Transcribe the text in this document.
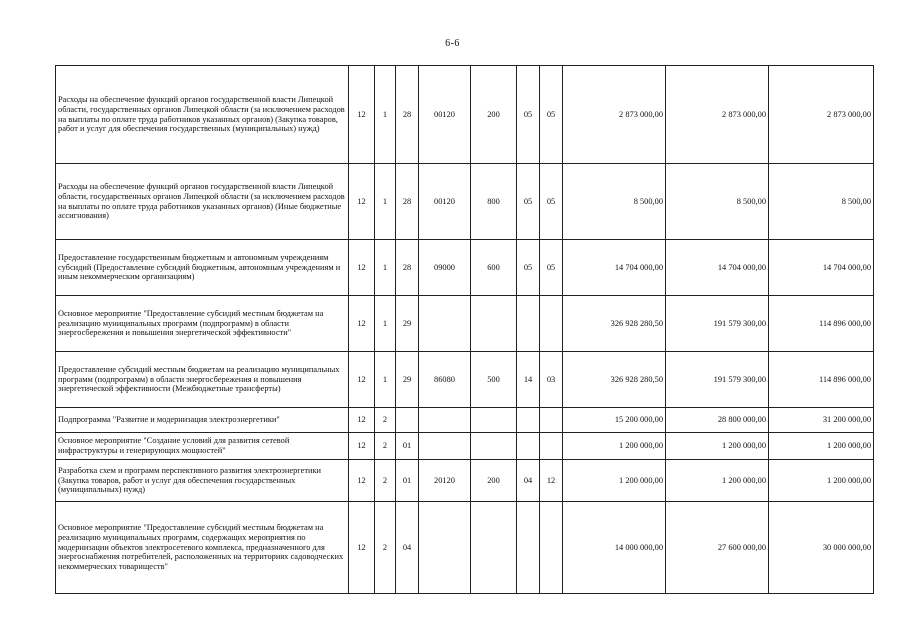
6-6
Расходы на обеспечение функций органов государственной власти Липецкой области, государственных органов Липецкой области (за исключением расходов на выплаты по оплате труда работников указанных органов) (Закупка товаров, работ и услуг для обеспечения государственных (муниципальных) нужд)	12	1	28	00120	200	05	05	2 873 000,00	2 873 000,00	2 873 000,00
Расходы на обеспечение функций органов государственной власти Липецкой области, государственных органов Липецкой области (за исключением расходов на выплаты по оплате труда работников указанных органов) (Иные бюджетные ассигнования)	12	1	28	00120	800	05	05	8 500,00	8 500,00	8 500,00
Предоставление государственным бюджетным и автономным учреждениям субсидий (Предоставление субсидий бюджетным, автономным учреждениям и иным некоммерческим организациям)	12	1	28	09000	600	05	05	14 704 000,00	14 704 000,00	14 704 000,00
Основное мероприятие "Предоставление субсидий местным бюджетам на реализацию муниципальных программ (подпрограмм) в области энергосбережения и повышения энергетической эффективности"	12	1	29					326 928 280,50	191 579 300,00	114 896 000,00
Предоставление субсидий местным бюджетам на реализацию муниципальных программ (подпрограмм) в области энергосбережения и повышения энергетической эффективности (Межбюджетные трансферты)	12	1	29	86080	500	14	03	326 928 280,50	191 579 300,00	114 896 000,00
Подпрограмма "Развитие и модернизация электроэнергетики"	12	2						15 200 000,00	28 800 000,00	31 200 000,00
Основное мероприятие "Создание условий для развития сетевой инфраструктуры и генерирующих мощностей"	12	2	01					1 200 000,00	1 200 000,00	1 200 000,00
Разработка схем и программ перспективного развития электроэнергетики (Закупка товаров, работ и услуг для обеспечения государственных (муниципальных) нужд)	12	2	01	20120	200	04	12	1 200 000,00	1 200 000,00	1 200 000,00
Основное мероприятие "Предоставление субсидий местным бюджетам на реализацию муниципальных программ, содержащих мероприятия по модернизации объектов электросетевого комплекса, предназначенного для энергоснабжения потребителей, расположенных на территориях садоводческих некоммерческих товариществ"	12	2	04					14 000 000,00	27 600 000,00	30 000 000,00
